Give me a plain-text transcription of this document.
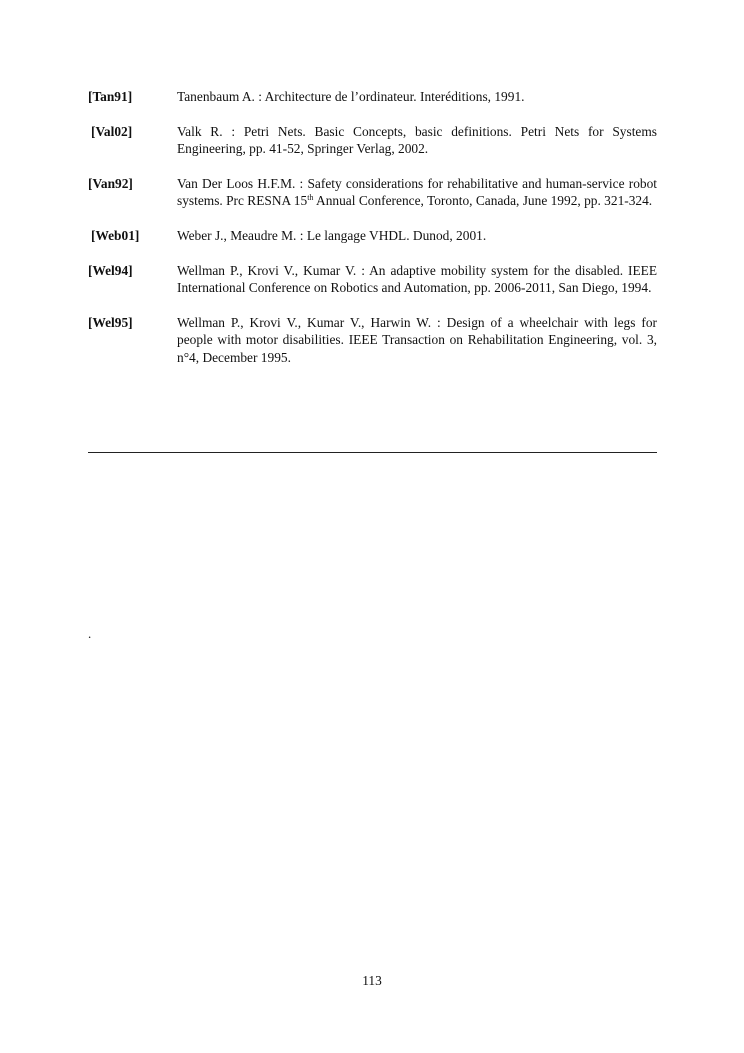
[Tan91]	Tanenbaum A. : Architecture de l’ordinateur. Interéditions, 1991.
[Val02]	Valk R. : Petri Nets. Basic Concepts, basic definitions. Petri Nets for Systems Engineering, pp. 41-52, Springer Verlag, 2002.
[Van92]	Van Der Loos H.F.M. : Safety considerations for rehabilitative and human-service robot systems. Prc RESNA 15th Annual Conference, Toronto, Canada, June 1992, pp. 321-324.
[Web01]	Weber J., Meaudre M. : Le langage VHDL. Dunod, 2001.
[Wel94]	Wellman P., Krovi V., Kumar V. : An adaptive mobility system for the disabled. IEEE International Conference on Robotics and Automation, pp. 2006-2011, San Diego, 1994.
[Wel95]	Wellman P., Krovi V., Kumar V., Harwin W. : Design of a wheelchair with legs for people with motor disabilities. IEEE Transaction on Rehabilitation Engineering, vol. 3, n°4, December 1995.
.
113
